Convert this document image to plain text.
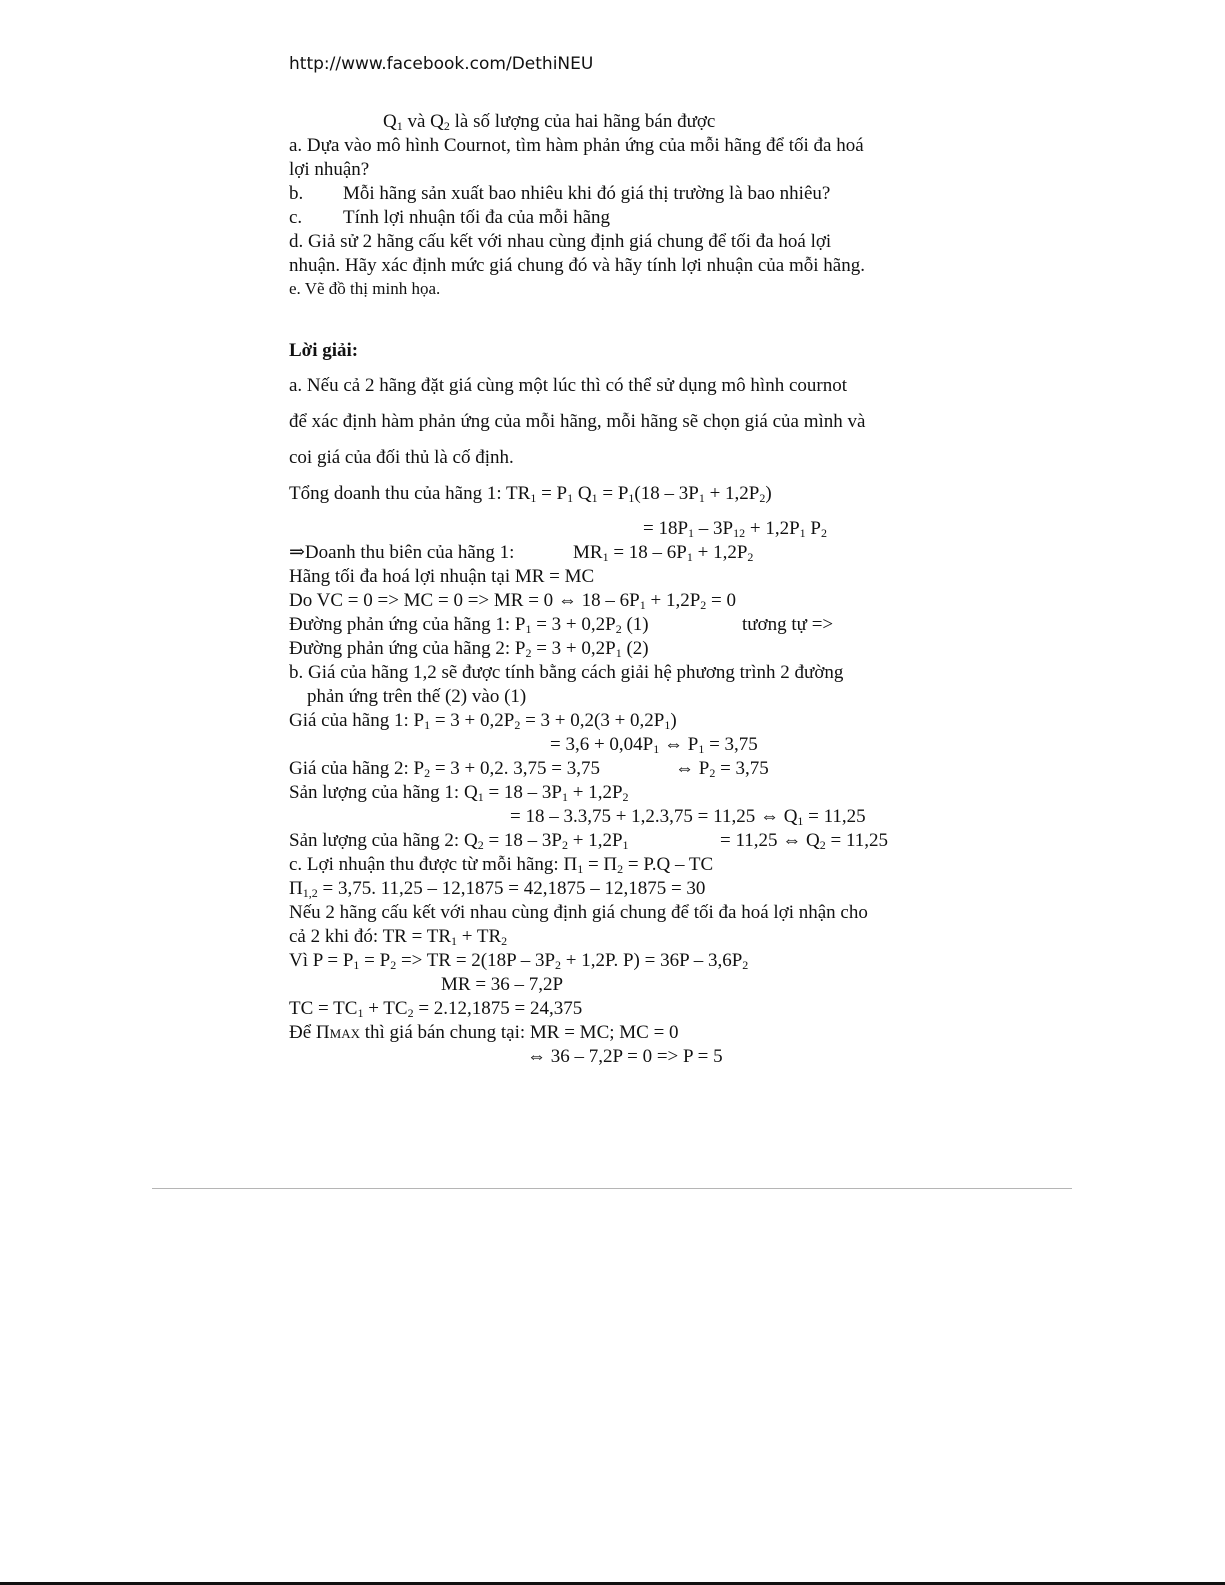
http://www.facebook.com/DethiNEU
$Q_1$ và $Q_2$ là số lượng của hai hãng bán được
a. Dựa vào mô hình Cournot, tìm hàm phản ứng của mỗi hãng để tối đa hoá
lợi nhuận?
b. Mỗi hãng sản xuất bao nhiêu khi đó giá thị trường là bao nhiêu?
c. Tính lợi nhuận tối đa của mỗi hãng
d. Giả sử 2 hãng cấu kết với nhau cùng định giá chung để tối đa hoá lợi
nhuận. Hãy xác định mức giá chung đó và hãy tính lợi nhuận của mỗi hãng.
e. Vẽ đồ thị minh họa.
Lời giải:
a. Nếu cả 2 hãng đặt giá cùng một lúc thì có thể sử dụng mô hình cournot
để xác định hàm phản ứng của mỗi hãng, mỗi hãng sẽ chọn giá của mình và
coi giá của đối thủ là cố định.
Tổng doanh thu của hãng 1: $TR_1 = P_1$ $Q_1 = P_1(18 - 3P_1 + 1,2P_2)$
= $18P_1 - 3P_{12} + 1,2P_1$ $P_2$
⇒Doanh thu biên của hãng 1:	$MR_1 = 18 - 6P_1 + 1,2P_2$
Hãng tối đa hoá lợi nhuận tại MR = MC
Do VC = 0 => MC = 0 => MR = 0 ⇔ $18 - 6P_1 + 1,2P_2 = 0$
Đường phản ứng của hãng 1: $P_1 = 3 + 0,2P_2$ (1)	tương tự =>
Đường phản ứng của hãng 2: $P_2 = 3 + 0,2P_1$ (2)
b. Giá của hãng 1,2 sẽ được tính bằng cách giải hệ phương trình 2 đường
phản ứng trên thế (2) vào (1)
Giá của hãng 1: $P_1 = 3 + 0,2P_2 = 3 + 0,2(3 + 0,2P_1)$
= $3,6 + 0,04P_1$ ⇔ $P_1 = 3,75$
Giá của hãng 2: $P_2 = 3 + 0,2$. 3,75 = 3,75	⇔ $P_2 = 3,75$
Sản lượng của hãng 1: $Q_1 = 18 - 3P_1 + 1,2P_2$
= 18 – 3.3,75 + 1,2.3,75 = 11,25 ⇔ $Q_1 = 11,25$
Sản lượng của hãng 2: $Q_2 = 18 - 3P_2 + 1,2P_1$	= 11,25 ⇔ $Q_2 = 11,25$
c. Lợi nhuận thu được từ mỗi hãng: $\Pi_1 = \Pi_2 = P.Q$ – TC
$\Pi_{1,2} = 3,75$. 11,25 – 12,1875 = 42,1875 – 12,1875 = 30
Nếu 2 hãng cấu kết với nhau cùng định giá chung để tối đa hoá lợi nhận cho
cả 2 khi đó: TR = $TR_1 + TR_2$
Vì $P = P_1 = P_2$ => TR = $2(18P - 3P_2 + 1,2P$. $P) = 36P - 3,6P_2$
MR = 36 – 7,2P
TC = $TC_1 + TC_2 = 2.12,1875 = 24,375$
Để ΠMAX thì giá bán chung tại: MR = MC; MC = 0
⇔ 36 – 7,2P = 0 => P = 5
